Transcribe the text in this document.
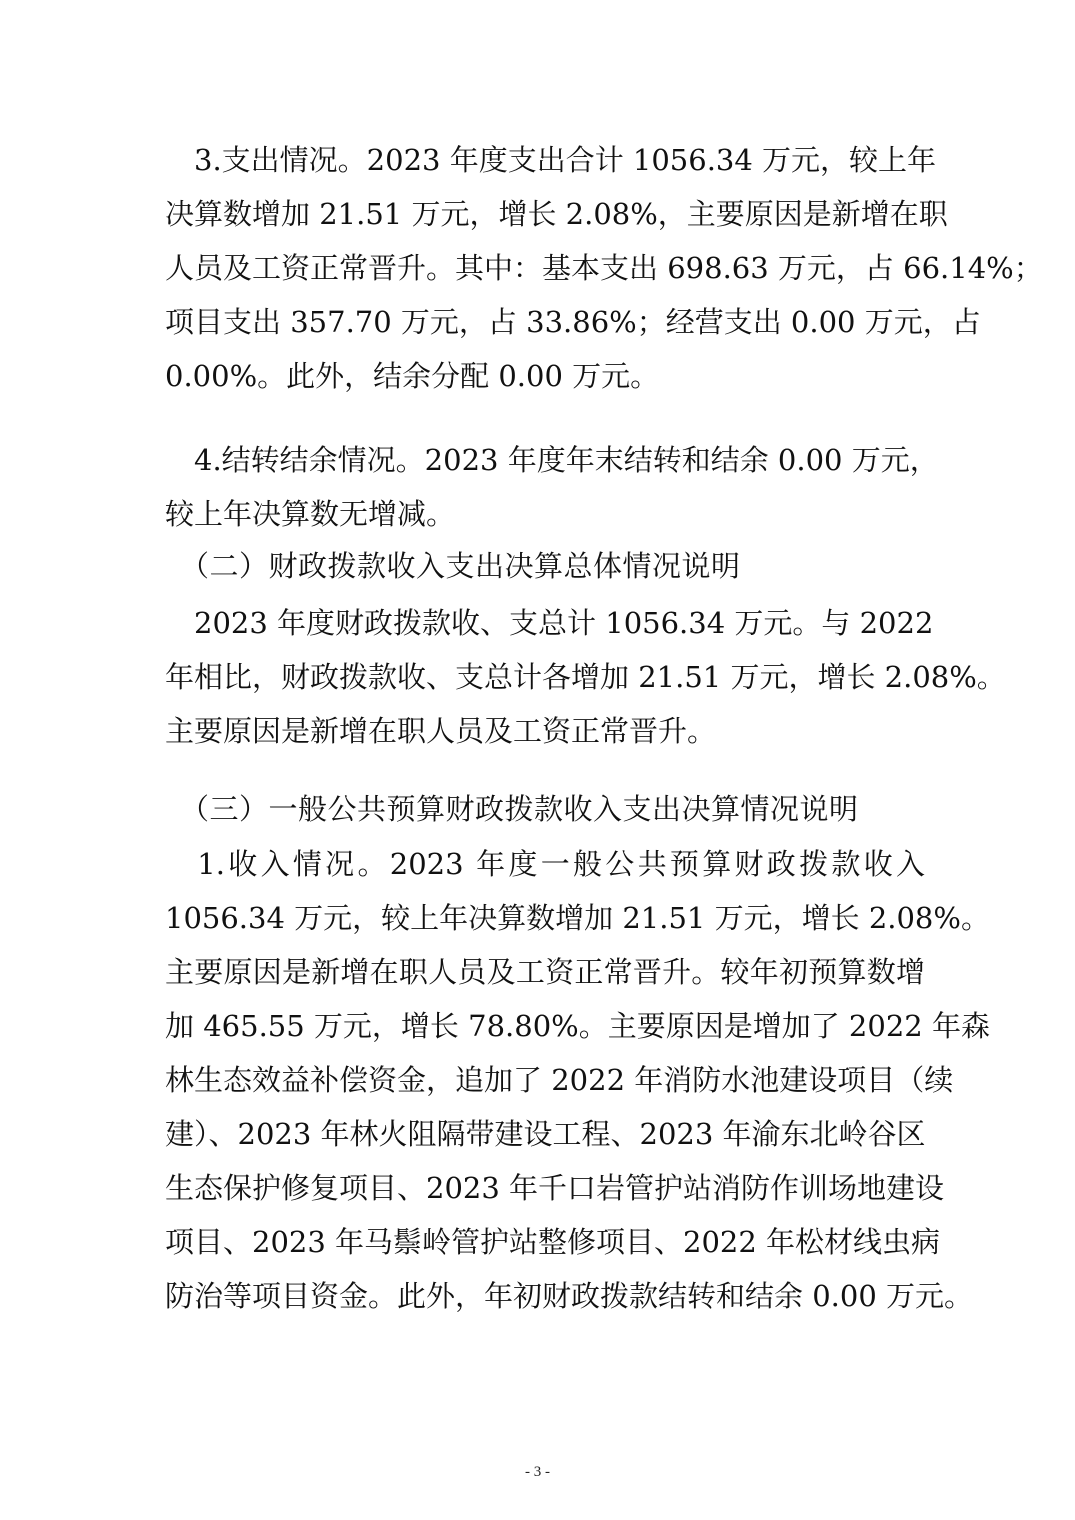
　3.支出情况。2023 年度支出合计 1056.34 万元，较上年
决算数增加 21.51 万元，增长 2.08%，主要原因是新增在职
人员及工资正常晋升。其中：基本支出 698.63 万元，占 66.14%；
项目支出 357.70 万元，占 33.86%；经营支出 0.00 万元，占
0.00%。此外，结余分配 0.00 万元。
　4.结转结余情况。2023 年度年末结转和结余 0.00 万元，
较上年决算数无增减。
　（二）财政拨款收入支出决算总体情况说明
　2023 年度财政拨款收、支总计 1056.34 万元。与 2022
年相比，财政拨款收、支总计各增加 21.51 万元，增长 2.08%。
主要原因是新增在职人员及工资正常晋升。
　（三）一般公共预算财政拨款收入支出决算情况说明
　1.收入情况。2023 年度一般公共预算财政拨款收入
1056.34 万元，较上年决算数增加 21.51 万元，增长 2.08%。
主要原因是新增在职人员及工资正常晋升。较年初预算数增
加 465.55 万元，增长 78.80%。主要原因是增加了 2022 年森
林生态效益补偿资金，追加了 2022 年消防水池建设项目（续
建）、2023 年林火阻隔带建设工程、2023 年渝东北岭谷区
生态保护修复项目、2023 年千口岩管护站消防作训场地建设
项目、2023 年马鬃岭管护站整修项目、2022 年松材线虫病
防治等项目资金。此外，年初财政拨款结转和结余 0.00 万元。
- 3 -
